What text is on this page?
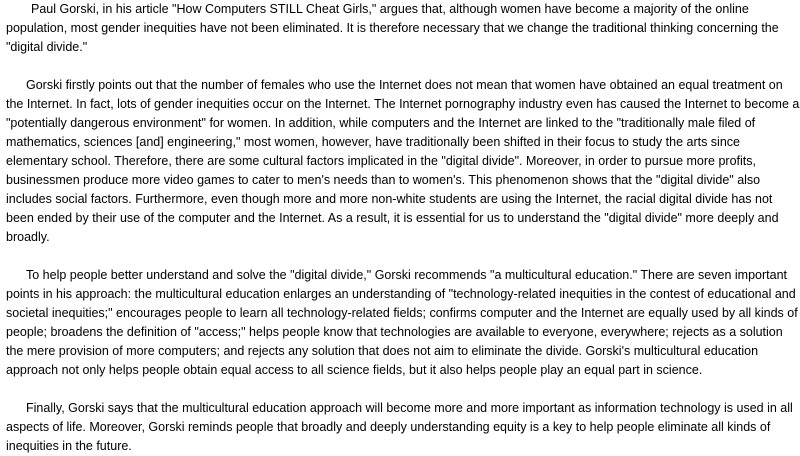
Paul Gorski, in his article "How Computers STILL Cheat Girls," argues that, although women have become a majority of the online population, most gender inequities have not been eliminated. It is therefore necessary that we change the traditional thinking concerning the "digital divide."

Gorski firstly points out that the number of females who use the Internet does not mean that women have obtained an equal treatment on the Internet. In fact, lots of gender inequities occur on the Internet. The Internet pornography industry even has caused the Internet to become a "potentially dangerous environment" for women. In addition, while computers and the Internet are linked to the "traditionally male filed of mathematics, sciences [and] engineering," most women, however, have traditionally been shifted in their focus to study the arts since elementary school. Therefore, there are some cultural factors implicated in the "digital divide". Moreover, in order to pursue more profits, businessmen produce more video games to cater to men's needs than to women's. This phenomenon shows that the "digital divide" also includes social factors. Furthermore, even though more and more non-white students are using the Internet, the racial digital divide has not been ended by their use of the computer and the Internet. As a result, it is essential for us to understand the "digital divide" more deeply and broadly.

To help people better understand and solve the "digital divide," Gorski recommends "a multicultural education." There are seven important points in his approach: the multicultural education enlarges an understanding of "technology-related inequities in the contest of educational and societal inequities;" encourages people to learn all technology-related fields; confirms computer and the Internet are equally used by all kinds of people; broadens the definition of "access;" helps people know that technologies are available to everyone, everywhere; rejects as a solution the mere provision of more computers; and rejects any solution that does not aim to eliminate the divide. Gorski's multicultural education approach not only helps people obtain equal access to all science fields, but it also helps people play an equal part in science.

Finally, Gorski says that the multicultural education approach will become more and more important as information technology is used in all aspects of life. Moreover, Gorski reminds people that broadly and deeply understanding equity is a key to help people eliminate all kinds of inequities in the future.
